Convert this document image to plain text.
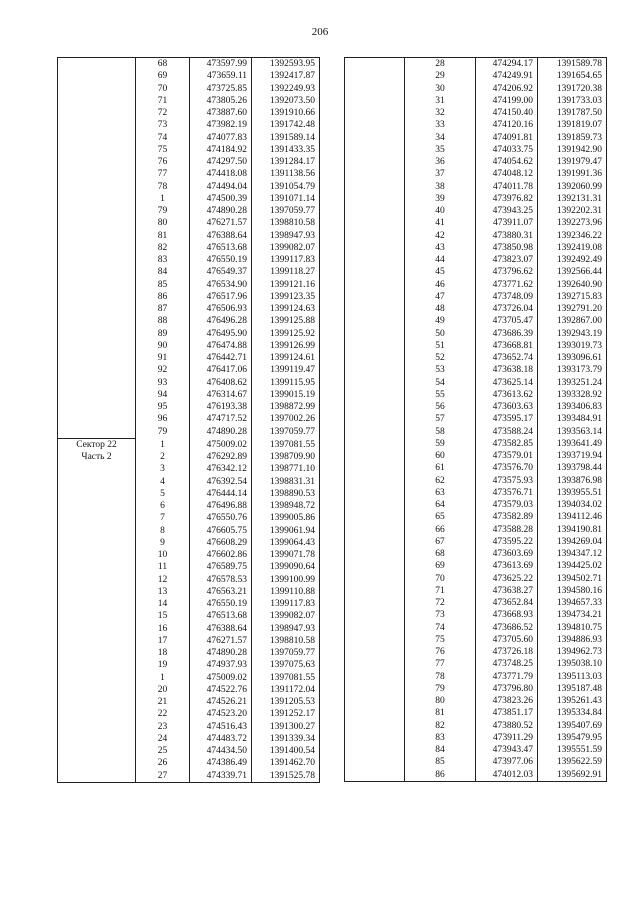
206
	68	473597.99	1392593.95
	69	473659.11	1392417.87
	70	473725.85	1392249.93
	71	473805.26	1392073.50
	72	473887.60	1391910.66
	73	473982.19	1391742.48
	74	474077.83	1391589.14
	75	474184.92	1391433.35
	76	474297.50	1391284.17
	77	474418.08	1391138.56
	78	474494.04	1391054.79
	1	474500.39	1391071.14
	79	474890.28	1397059.77
	80	476271.57	1398810.58
	81	476388.64	1398947.93
	82	476513.68	1399082.07
	83	476550.19	1399117.83
	84	476549.37	1399118.27
	85	476534.90	1399121.16
	86	476517.96	1399123.35
	87	476506.93	1399124.63
	88	476496.28	1399125.88
	89	476495.90	1399125.92
	90	476474.88	1399126.99
	91	476442.71	1399124.61
	92	476417.06	1399119.47
	93	476408.62	1399115.95
	94	476314.67	1399015.19
	95	476193.38	1398872.99
	96	474717.52	1397002.26
	79	474890.28	1397059.77
Сектор 22	1	475009.02	1397081.55
Часть 2	2	476292.89	1398709.90
	3	476342.12	1398771.10
	4	476392.54	1398831.31
	5	476444.14	1398890.53
	6	476496.88	1398948.72
	7	476550.76	1399005.86
	8	476605.75	1399061.94
	9	476608.29	1399064.43
	10	476602.86	1399071.78
	11	476589.75	1399090.64
	12	476578.53	1399100.99
	13	476563.21	1399110.88
	14	476550.19	1399117.83
	15	476513.68	1399082.07
	16	476388.64	1398947.93
	17	476271.57	1398810.58
	18	474890.28	1397059.77
	19	474937.93	1397075.63
	1	475009.02	1397081.55
	20	474522.76	1391172.04
	21	474526.21	1391205.53
	22	474523.20	1391252.17
	23	474516.43	1391300.27
	24	474483.72	1391339.34
	25	474434.50	1391400.54
	26	474386.49	1391462.70
	27	474339.71	1391525.78
	28	474294.17	1391589.78
	29	474249.91	1391654.65
	30	474206.92	1391720.38
	31	474199.00	1391733.03
	32	474150.40	1391787.50
	33	474120.16	1391819.07
	34	474091.81	1391859.73
	35	474033.75	1391942.90
	36	474054.62	1391979.47
	37	474048.12	1391991.36
	38	474011.78	1392060.99
	39	473976.82	1392131.31
	40	473943.25	1392202.31
	41	473911.07	1392273.96
	42	473880.31	1392346.22
	43	473850.98	1392419.08
	44	473823.07	1392492.49
	45	473796.62	1392566.44
	46	473771.62	1392640.90
	47	473748.09	1392715.83
	48	473726.04	1392791.20
	49	473705.47	1392867.00
	50	473686.39	1392943.19
	51	473668.81	1393019.73
	52	473652.74	1393096.61
	53	473638.18	1393173.79
	54	473625.14	1393251.24
	55	473613.62	1393328.92
	56	473603.63	1393406.83
	57	473595.17	1393484.91
	58	473588.24	1393563.14
	59	473582.85	1393641.49
	60	473579.01	1393719.94
	61	473576.70	1393798.44
	62	473575.93	1393876.98
	63	473576.71	1393955.51
	64	473579.03	1394034.02
	65	473582.89	1394112.46
	66	473588.28	1394190.81
	67	473595.22	1394269.04
	68	473603.69	1394347.12
	69	473613.69	1394425.02
	70	473625.22	1394502.71
	71	473638.27	1394580.16
	72	473652.84	1394657.33
	73	473668.93	1394734.21
	74	473686.52	1394810.75
	75	473705.60	1394886.93
	76	473726.18	1394962.73
	77	473748.25	1395038.10
	78	473771.79	1395113.03
	79	473796.80	1395187.48
	80	473823.26	1395261.43
	81	473851.17	1395334.84
	82	473880.52	1395407.69
	83	473911.29	1395479.95
	84	473943.47	1395551.59
	85	473977.06	1395622.59
	86	474012.03	1395692.91
